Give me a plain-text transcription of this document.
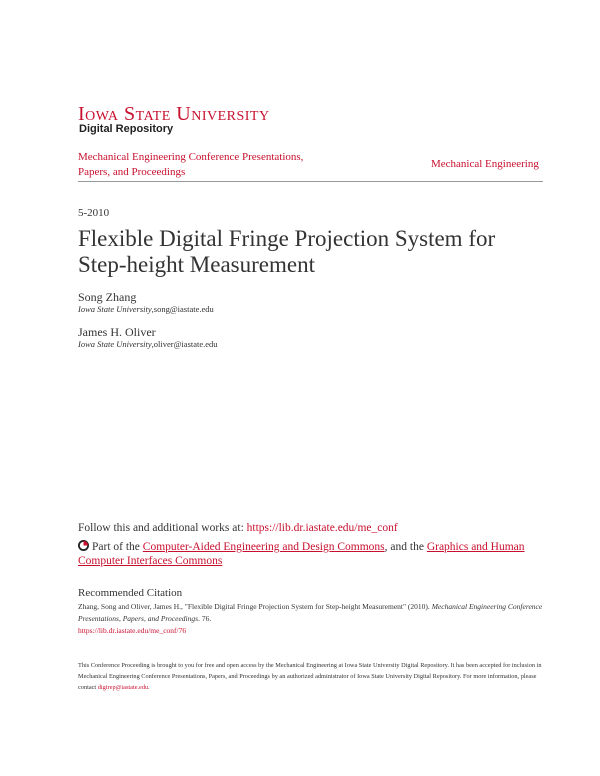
Iowa State University
Digital Repository
Mechanical Engineering Conference Presentations, Papers, and Proceedings
Mechanical Engineering
5-2010
Flexible Digital Fringe Projection System for Step-height Measurement
Song Zhang
Iowa State University,song@iastate.edu
James H. Oliver
Iowa State University,oliver@iastate.edu
Follow this and additional works at: https://lib.dr.iastate.edu/me_conf
Part of the Computer-Aided Engineering and Design Commons, and the Graphics and Human Computer Interfaces Commons
Recommended Citation
Zhang, Song and Oliver, James H., "Flexible Digital Fringe Projection System for Step-height Measurement" (2010). Mechanical Engineering Conference Presentations, Papers, and Proceedings. 76.
https://lib.dr.iastate.edu/me_conf/76
This Conference Proceeding is brought to you for free and open access by the Mechanical Engineering at Iowa State University Digital Repository. It has been accepted for inclusion in Mechanical Engineering Conference Presentations, Papers, and Proceedings by an authorized administrator of Iowa State University Digital Repository. For more information, please contact digirep@iastate.edu.
